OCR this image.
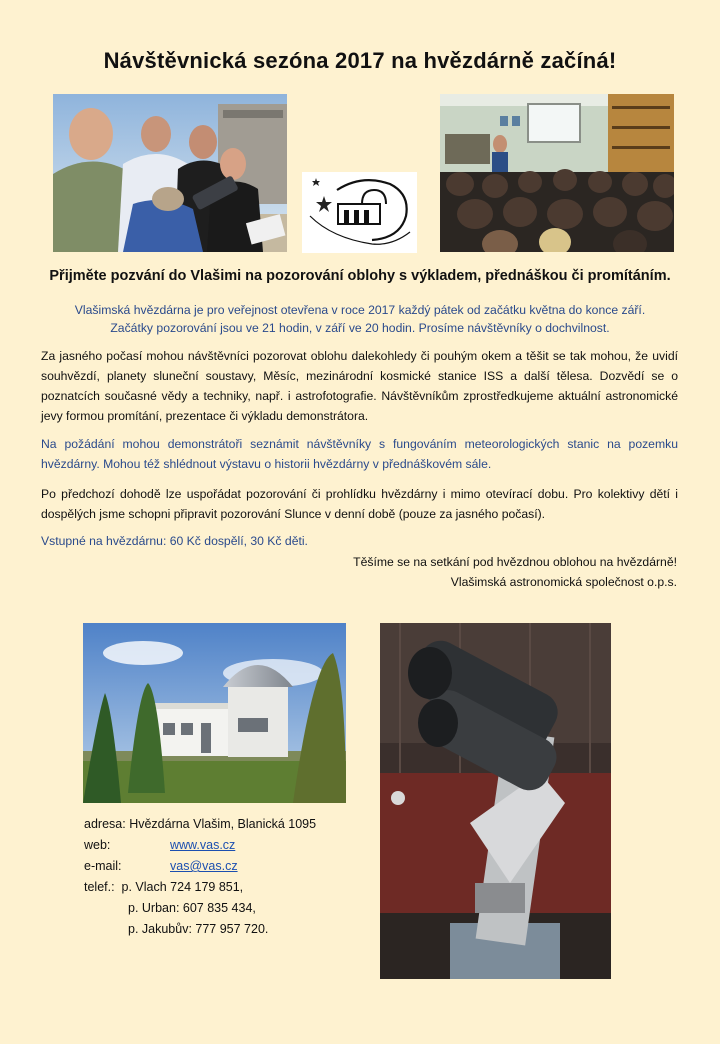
Návštěvnická sezóna 2017 na hvězdárně začíná!
Přijměte pozvání do Vlašimi na pozorování oblohy s výkladem, přednáškou či promítáním.
Vlašimská hvězdárna je pro veřejnost otevřena v roce 2017 každý pátek od začátku května do konce září.
Začátky pozorování jsou ve 21 hodin, v září ve 20 hodin. Prosíme návštěvníky o dochvilnost.

Za jasného počasí mohou návštěvníci pozorovat oblohu dalekohledy či pouhým okem a těšit se tak mohou, že uvidí souhvězdí, planety sluneční soustavy, Měsíc, mezinárodní kosmické stanice ISS a další tělesa. Dozvědí se o poznatcích současné vědy a techniky, např. i astrofotografie. Návštěvníkům zprostředkujeme aktuální astronomické jevy formou promítání, prezentace či výkladu demonstrátora.

Na požádání mohou demonstrátoři seznámit návštěvníky s fungováním meteorologických stanic na pozemku hvězdárny. Mohou též shlédnout výstavu o historii hvězdárny v přednáškovém sále.

Po předchozí dohodě lze uspořádat pozorování či prohlídku hvězdárny i mimo otevírací dobu. Pro kolektivy dětí i dospělých jsme schopni připravit pozorování Slunce v denní době (pouze za jasného počasí).

Vstupné na hvězdárnu: 60 Kč dospělí, 30 Kč děti.

Těšíme se na setkání pod hvězdnou oblohou na hvězdárně!
Vlašimská astronomická společnost o.p.s.
adresa: Hvězdárna Vlašim, Blanická 1095
web:	www.vas.cz
e-mail:	vas@vas.cz
telef.: p. Vlach 724 179 851,
p. Urban: 607 835 434,
p. Jakubův: 777 957 720.
